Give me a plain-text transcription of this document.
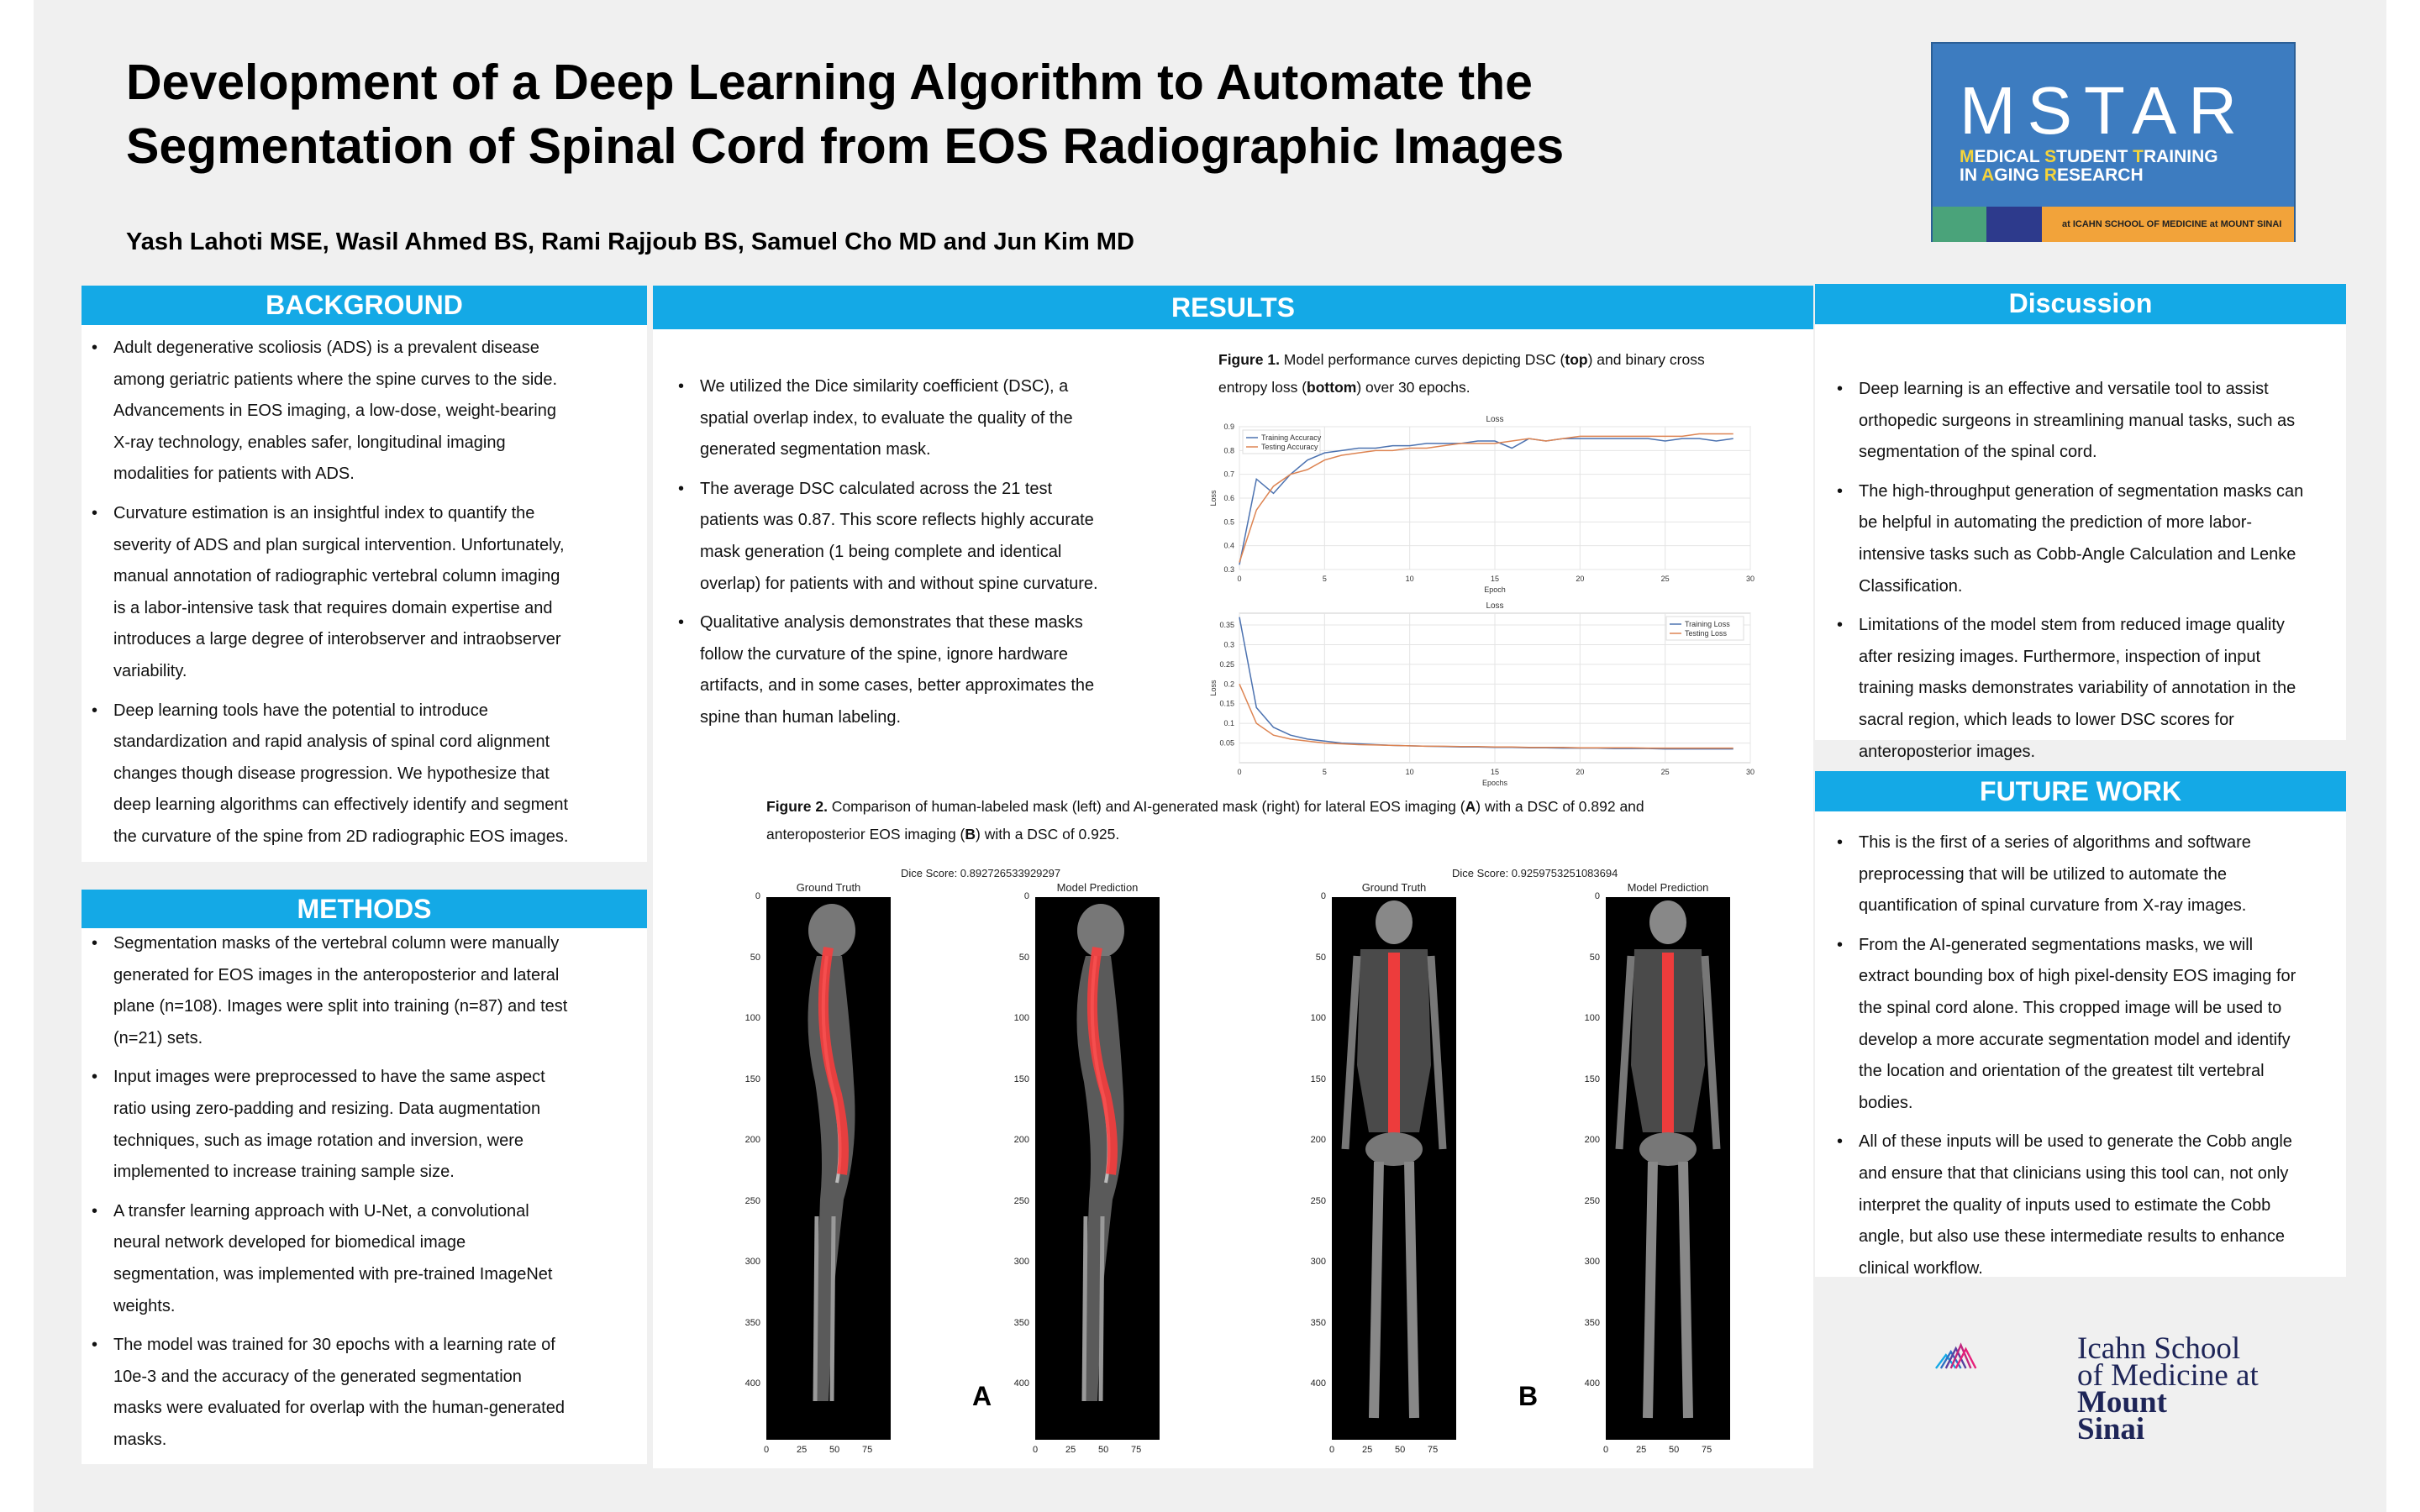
Development of a Deep Learning Algorithm to Automate the
Segmentation of Spinal Cord from EOS Radiographic Images
Yash Lahoti MSE, Wasil Ahmed BS, Rami Rajjoub BS, Samuel Cho MD and Jun Kim MD
MSTAR
MEDICAL STUDENT TRAINING
IN AGING RESEARCH
at ICAHN SCHOOL OF MEDICINE at MOUNT SINAI
BACKGROUND
• Adult degenerative scoliosis (ADS) is a prevalent disease
among geriatric patients where the spine curves to the side.
Advancements in EOS imaging, a low-dose, weight-bearing
X-ray technology, enables safer, longitudinal imaging
modalities for patients with ADS.
• Curvature estimation is an insightful index to quantify the
severity of ADS and plan surgical intervention. Unfortunately,
manual annotation of radiographic vertebral column imaging
is a labor-intensive task that requires domain expertise and
introduces a large degree of interobserver and intraobserver
variability.
• Deep learning tools have the potential to introduce
standardization and rapid analysis of spinal cord alignment
changes though disease progression. We hypothesize that
deep learning algorithms can effectively identify and segment
the curvature of the spine from 2D radiographic EOS images.
METHODS
• Segmentation masks of the vertebral column were manually
generated for EOS images in the anteroposterior and lateral
plane (n=108). Images were split into training (n=87) and test
(n=21) sets.
• Input images were preprocessed to have the same aspect
ratio using zero-padding and resizing. Data augmentation
techniques, such as image rotation and inversion, were
implemented to increase training sample size.
• A transfer learning approach with U-Net, a convolutional
neural network developed for biomedical image
segmentation, was implemented with pre-trained ImageNet
weights.
• The model was trained for 30 epochs with a learning rate of
10e-3 and the accuracy of the generated segmentation
masks were evaluated for overlap with the human-generated
masks.
RESULTS
• We utilized the Dice similarity coefficient (DSC), a
spatial overlap index, to evaluate the quality of the
generated segmentation mask.
• The average DSC calculated across the 21 test
patients was 0.87. This score reflects highly accurate
mask generation (1 being complete and identical
overlap) for patients with and without spine curvature.
• Qualitative analysis demonstrates that these masks
follow the curvature of the spine, ignore hardware
artifacts, and in some cases, better approximates the
spine than human labeling.
Figure 1. Model performance curves depicting DSC (top) and binary cross
entropy loss (bottom) over 30 epochs.
0.3
0.4
0.5
0.6
0.7
0.8
0.9
0	5	10	15	20	25	30
Loss
Epoch
Loss
Training Accuracy
Testing Accuracy
0.05
0.1
0.15
0.2
0.25
0.3
0.35
0	5	10	15	20	25	30
Loss
Epochs
Loss
Training Loss
Testing Loss
Figure 2. Comparison of human-labeled mask (left) and AI-generated mask (right) for lateral EOS imaging (A) with a DSC of 0.892 and
anteroposterior EOS imaging (B) with a DSC of 0.925.
Dice Score: 0.892726533929297	Dice Score: 0.9259753251083694
A	B
Ground Truth
0
50
100
150
200
250
300
350
400
0	25 50 75
Model Prediction
0
50
100
150
200
250
300
350
400
0	25 50 75
Ground Truth
0
50
100
150
200
250
300
350
400
0	25 50 75
Model Prediction
0
50
100
150
200
250
300
350
400
0	25 50 75
Discussion
• Deep learning is an effective and versatile tool to assist
orthopedic surgeons in streamlining manual tasks, such as
segmentation of the spinal cord.
• The high-throughput generation of segmentation masks can
be helpful in automating the prediction of more labor-
intensive tasks such as Cobb-Angle Calculation and Lenke
Classification.
• Limitations of the model stem from reduced image quality
after resizing images. Furthermore, inspection of input
training masks demonstrates variability of annotation in the
sacral region, which leads to lower DSC scores for
anteroposterior images.
FUTURE WORK
• This is the first of a series of algorithms and software
preprocessing that will be utilized to automate the
quantification of spinal curvature from X-ray images.
• From the AI-generated segmentations masks, we will
extract bounding box of high pixel-density EOS imaging for
the spinal cord alone. This cropped image will be used to
develop a more accurate segmentation model and identify
the location and orientation of the greatest tilt vertebral
bodies.
• All of these inputs will be used to generate the Cobb angle
and ensure that that clinicians using this tool can, not only
interpret the quality of inputs used to estimate the Cobb
angle, but also use these intermediate results to enhance
clinical workflow.
Icahn School
of Medicine at
Mount
Sinai
